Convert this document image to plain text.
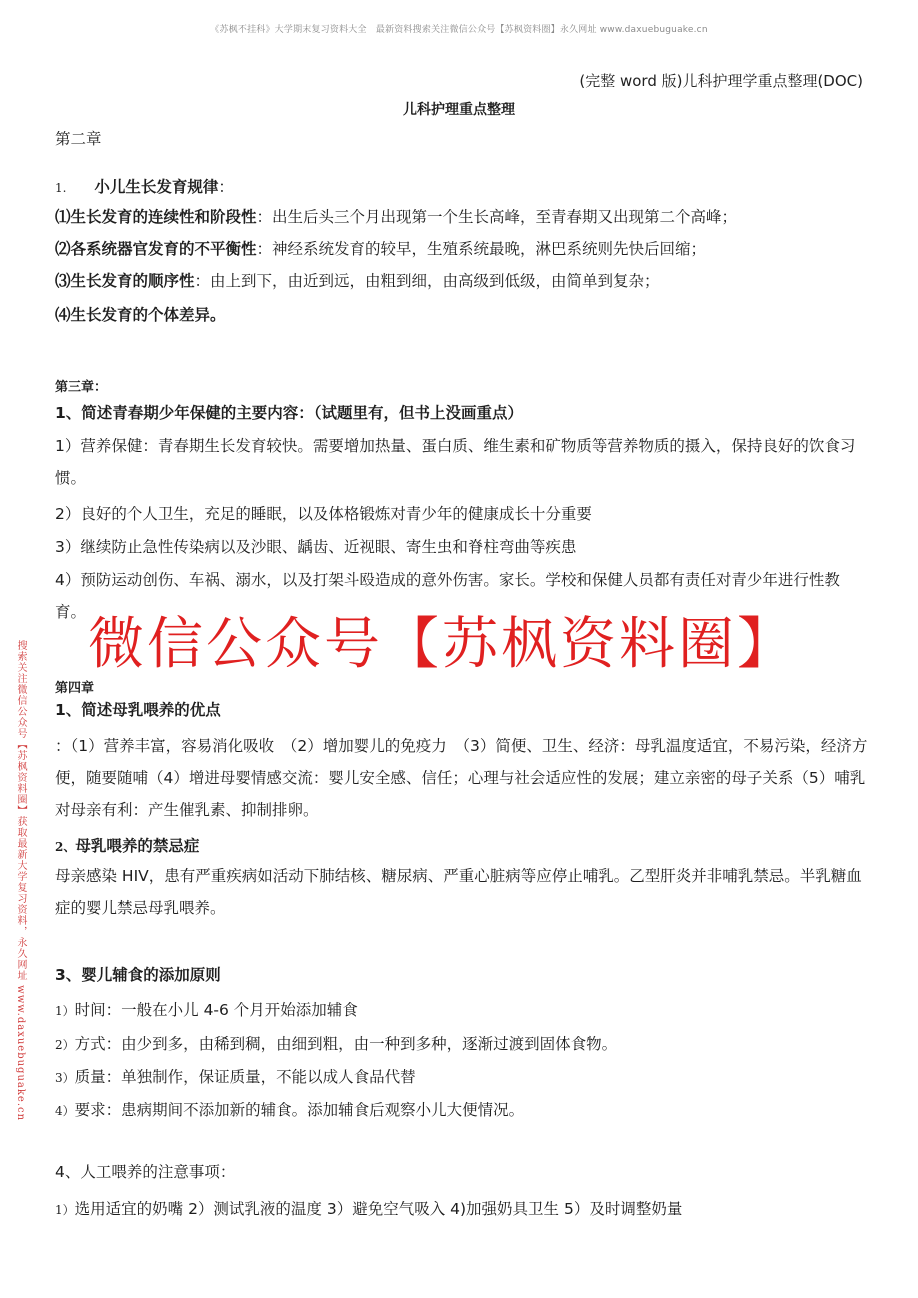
《苏枫不挂科》大学期末复习资料大全　最新资料搜索关注微信公众号【苏枫资料圈】永久网址 www.daxuebuguake.cn
(完整 word 版)儿科护理学重点整理(DOC)
儿科护理重点整理
第二章
1. 小儿生长发育规律：
⑴生长发育的连续性和阶段性：出生后头三个月出现第一个生长高峰，至青春期又出现第二个高峰；
⑵各系统器官发育的不平衡性：神经系统发育的较早，生殖系统最晚，淋巴系统则先快后回缩；
⑶生长发育的顺序性：由上到下，由近到远，由粗到细，由高级到低级，由简单到复杂；
⑷生长发育的个体差异。
第三章：
1、简述青春期少年保健的主要内容：（试题里有，但书上没画重点）
1）营养保健：青春期生长发育较快。需要增加热量、蛋白质、维生素和矿物质等营养物质的摄入，保持良好的饮食习惯。
2）良好的个人卫生，充足的睡眠，以及体格锻炼对青少年的健康成长十分重要
3）继续防止急性传染病以及沙眼、龋齿、近视眼、寄生虫和脊柱弯曲等疾患
4）预防运动创伤、车祸、溺水，以及打架斗殴造成的意外伤害。家长。学校和保健人员都有责任对青少年进行性教育。 微信公众号【苏枫资料圈】
第四章
1、简述母乳喂养的优点
：（1）营养丰富，容易消化吸收　（2）增加婴儿的免疫力　（3）简便、卫生、经济：母乳温度适宜，不易污染，经济方便，随要随哺（4）增进母婴情感交流：婴儿安全感、信任；心理与社会适应性的发展；建立亲密的母子关系（5）哺乳对母亲有利：产生催乳素、抑制排卵。
2、母乳喂养的禁忌症
母亲感染 HIV，患有严重疾病如活动下肺结核、糖尿病、严重心脏病等应停止哺乳。乙型肝炎并非哺乳禁忌。半乳糖血症的婴儿禁忌母乳喂养。
3、婴儿辅食的添加原则
1）时间：一般在小儿 4-6 个月开始添加辅食
2）方式：由少到多，由稀到稠，由细到粗，由一种到多种，逐渐过渡到固体食物。
3）质量：单独制作，保证质量，不能以成人食品代替
4）要求：患病期间不添加新的辅食。添加辅食后观察小儿大便情况。
4、人工喂养的注意事项：
1）选用适宜的奶嘴 2）测试乳液的温度 3）避免空气吸入 4)加强奶具卫生 5）及时调整奶量
搜索关注微信公众号【苏枫资料圈】获取最新大学复习资料，永久网址 www.daxuebuguake.cn
